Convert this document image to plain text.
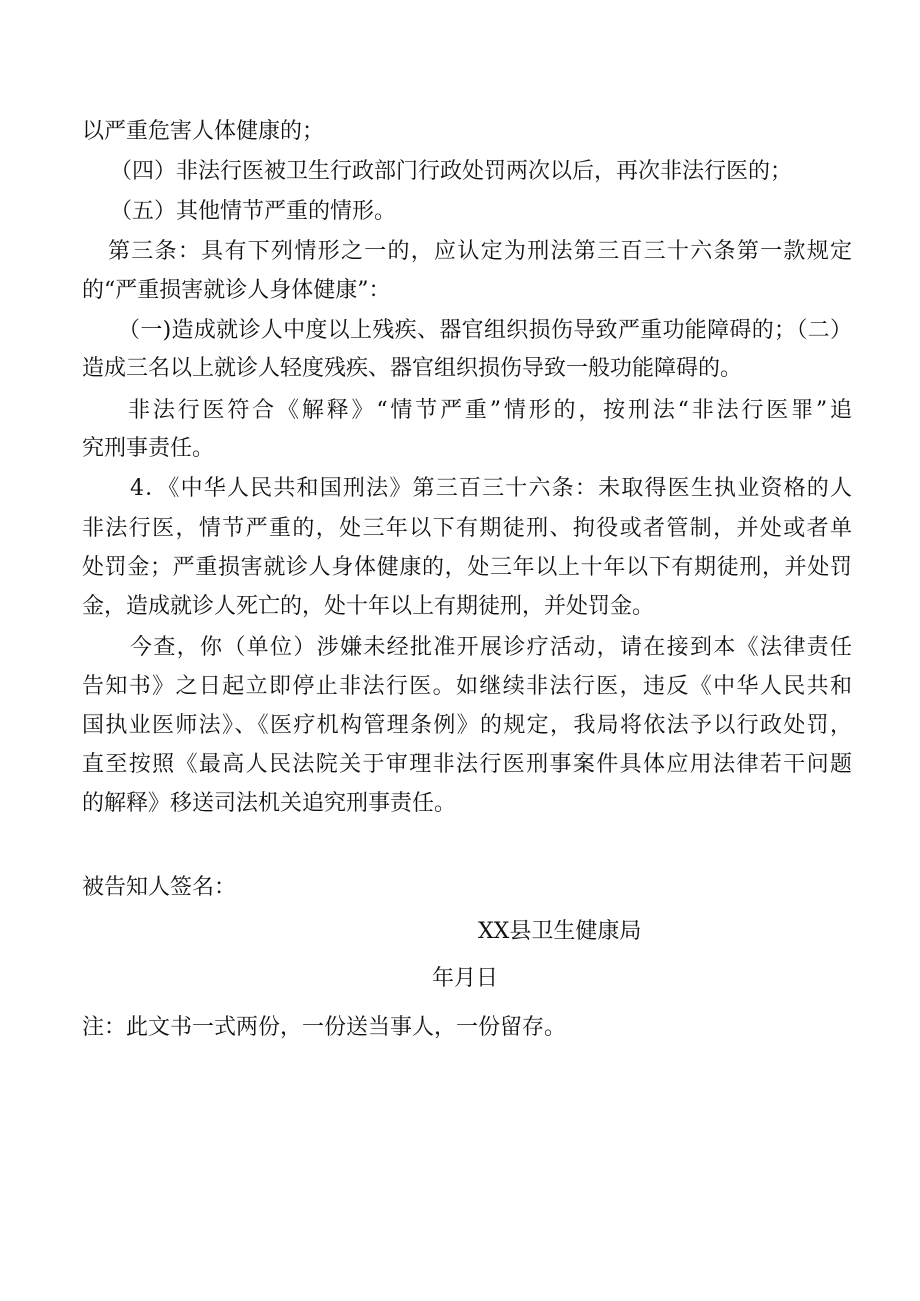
以严重危害人体健康的；

（四）非法行医被卫生行政部门行政处罚两次以后，再次非法行医的；

（五）其他情节严重的情形。

第三条：具有下列情形之一的，应认定为刑法第三百三十六条第一款规定

的“严重损害就诊人身体健康”：

（一)造成就诊人中度以上残疾、器官组织损伤导致严重功能障碍的；（二）

造成三名以上就诊人轻度残疾、器官组织损伤导致一般功能障碍的。

非法行医符合《解释》“情节严重”情形的，按刑法“非法行医罪”追

究刑事责任。

4．《中华人民共和国刑法》第三百三十六条：未取得医生执业资格的人

非法行医，情节严重的，处三年以下有期徒刑、拘役或者管制，并处或者单

处罚金；严重损害就诊人身体健康的，处三年以上十年以下有期徒刑，并处罚

金，造成就诊人死亡的，处十年以上有期徒刑，并处罚金。

今查，你（单位）涉嫌未经批准开展诊疗活动，请在接到本《法律责任

告知书》之日起立即停止非法行医。如继续非法行医，违反《中华人民共和

国执业医师法》、《医疗机构管理条例》的规定，我局将依法予以行政处罚，

直至按照《最高人民法院关于审理非法行医刑事案件具体应用法律若干问题

的解释》移送司法机关追究刑事责任。

被告知人签名：

XX县卫生健康局

年月日

注：此文书一式两份，一份送当事人，一份留存。
